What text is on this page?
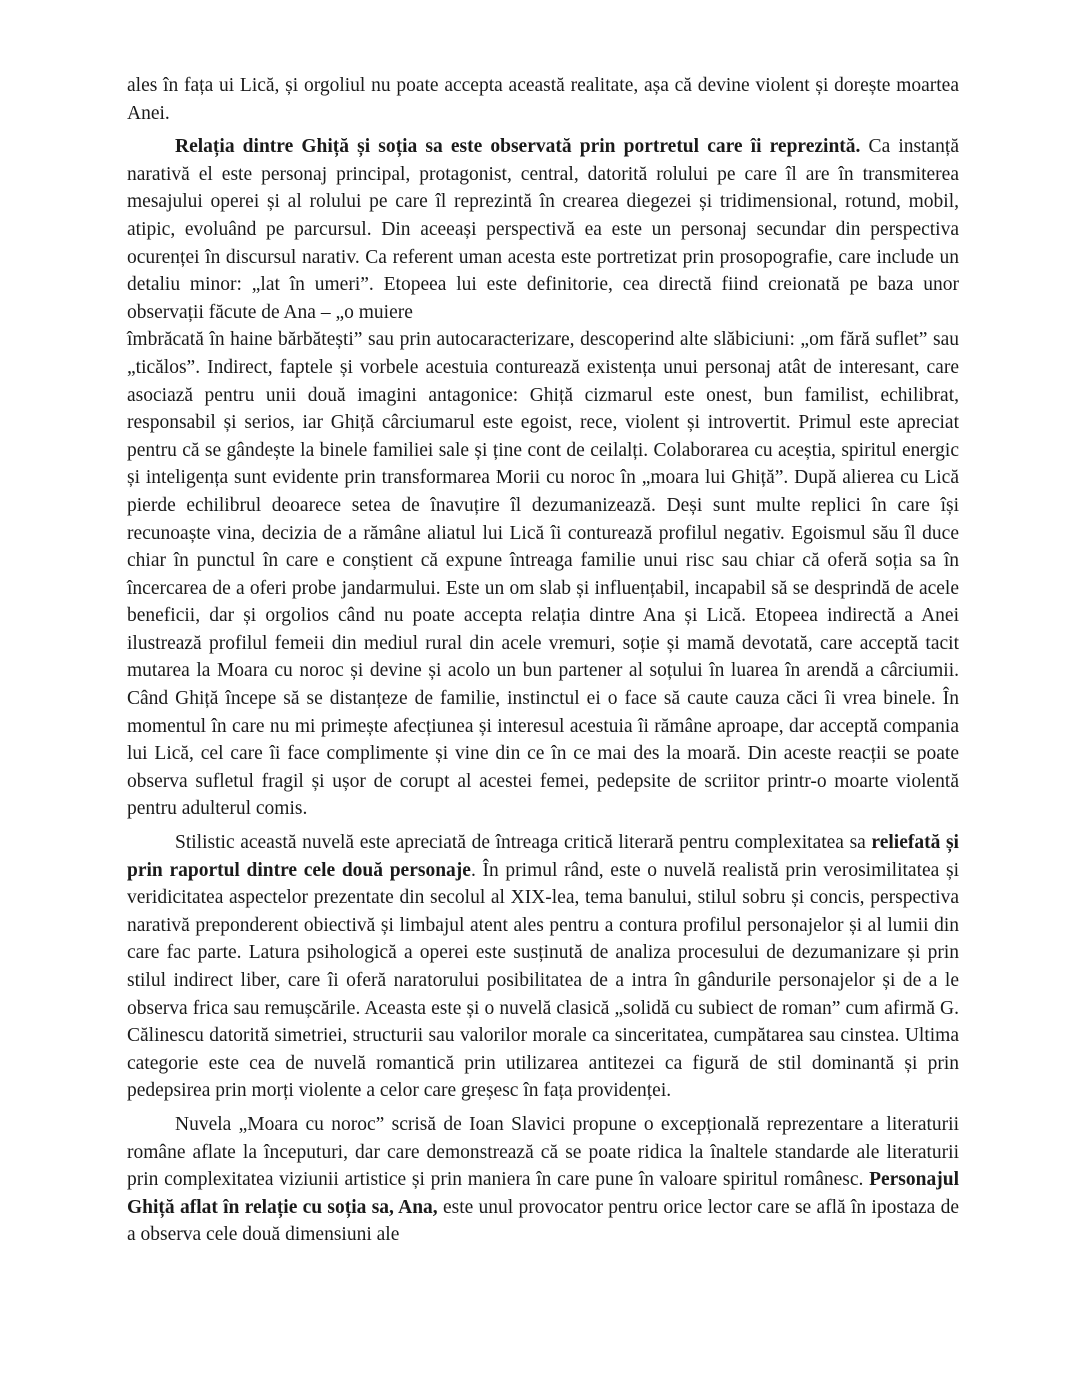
ales în fața ui Lică, și orgoliul nu poate accepta această realitate, așa că devine violent și dorește moartea Anei.

Relația dintre Ghiță și soția sa este observată prin portretul care îi reprezintă. Ca instanță narativă el este personaj principal, protagonist, central, datorită rolului pe care îl are în transmiterea mesajului operei și al rolului pe care îl reprezintă în crearea diegezei și tridimensional, rotund, mobil, atipic, evoluând pe parcursul. Din aceeași perspectivă ea este un personaj secundar din perspectiva ocurenței în discursul narativ. Ca referent uman acesta este portretizat prin prosopografie, care include un detaliu minor: „lat în umeri”. Etopeea lui este definitorie, cea directă fiind creionată pe baza unor observații făcute de Ana – „o muiere

îmbrăcată în haine bărbătești” sau prin autocaracterizare, descoperind alte slăbiciuni: „om fără suflet” sau „ticălos”. Indirect, faptele și vorbele acestuia conturează existența unui personaj atât de interesant, care asociază pentru unii două imagini antagonice: Ghiță cizmarul este onest, bun familist, echilibrat, responsabil și serios, iar Ghiță cârciumarul este egoist, rece, violent și introvertit. Primul este apreciat pentru că se gândește la binele familiei sale și ține cont de ceilalți. Colaborarea cu aceștia, spiritul energic și inteligența sunt evidente prin transformarea Morii cu noroc în „moara lui Ghiță”. După alierea cu Lică pierde echilibrul deoarece setea de înavuțire îl dezumanizează. Deși sunt multe replici în care își recunoaște vina, decizia de a rămâne aliatul lui Lică îi conturează profilul negativ. Egoismul său îl duce chiar în punctul în care e conștient că expune întreaga familie unui risc sau chiar că oferă soția sa în încercarea de a oferi probe jandarmului. Este un om slab și influențabil, incapabil să se desprindă de acele beneficii, dar și orgolios când nu poate accepta relația dintre Ana și Lică. Etopeea indirectă a Anei ilustrează profilul femeii din mediul rural din acele vremuri, soție și mamă devotată, care acceptă tacit mutarea la Moara cu noroc și devine și acolo un bun partener al soțului în luarea în arendă a cârciumii. Când Ghiță începe să se distanțeze de familie, instinctul ei o face să caute cauza căci îi vrea binele. În momentul în care nu mi primește afecțiunea și interesul acestuia îi rămâne aproape, dar acceptă compania lui Lică, cel care îi face complimente și vine din ce în ce mai des la moară. Din aceste reacții se poate observa sufletul fragil și ușor de corupt al acestei femei, pedepsite de scriitor printr-o moarte violentă pentru adulterul comis.

Stilistic această nuvelă este apreciată de întreaga critică literară pentru complexitatea sa reliefată și prin raportul dintre cele două personaje. În primul rând, este o nuvelă realistă prin verosimilitatea și veridicitatea aspectelor prezentate din secolul al XIX-lea, tema banului, stilul sobru și concis, perspectiva narativă preponderent obiectivă și limbajul atent ales pentru a contura profilul personajelor și al lumii din care fac parte. Latura psihologică a operei este susținută de analiza procesului de dezumanizare și prin stilul indirect liber, care îi oferă naratorului posibilitatea de a intra în gândurile personajelor și de a le observa frica sau remușcările. Aceasta este și o nuvelă clasică „solidă cu subiect de roman” cum afirmă G. Călinescu datorită simetriei, structurii sau valorilor morale ca sinceritatea, cumpătarea sau cinstea. Ultima categorie este cea de nuvelă romantică prin utilizarea antitezei ca figură de stil dominantă și prin pedepsirea prin morți violente a celor care greșesc în fața providenței.

Nuvela „Moara cu noroc” scrisă de Ioan Slavici propune o excepțională reprezentare a literaturii române aflate la începuturi, dar care demonstrează că se poate ridica la înaltele standarde ale literaturii prin complexitatea viziunii artistice și prin maniera în care pune în valoare spiritul românesc. Personajul Ghiță aflat în relație cu soția sa, Ana, este unul provocator pentru orice lector care se află în ipostaza de a observa cele două dimensiuni ale
